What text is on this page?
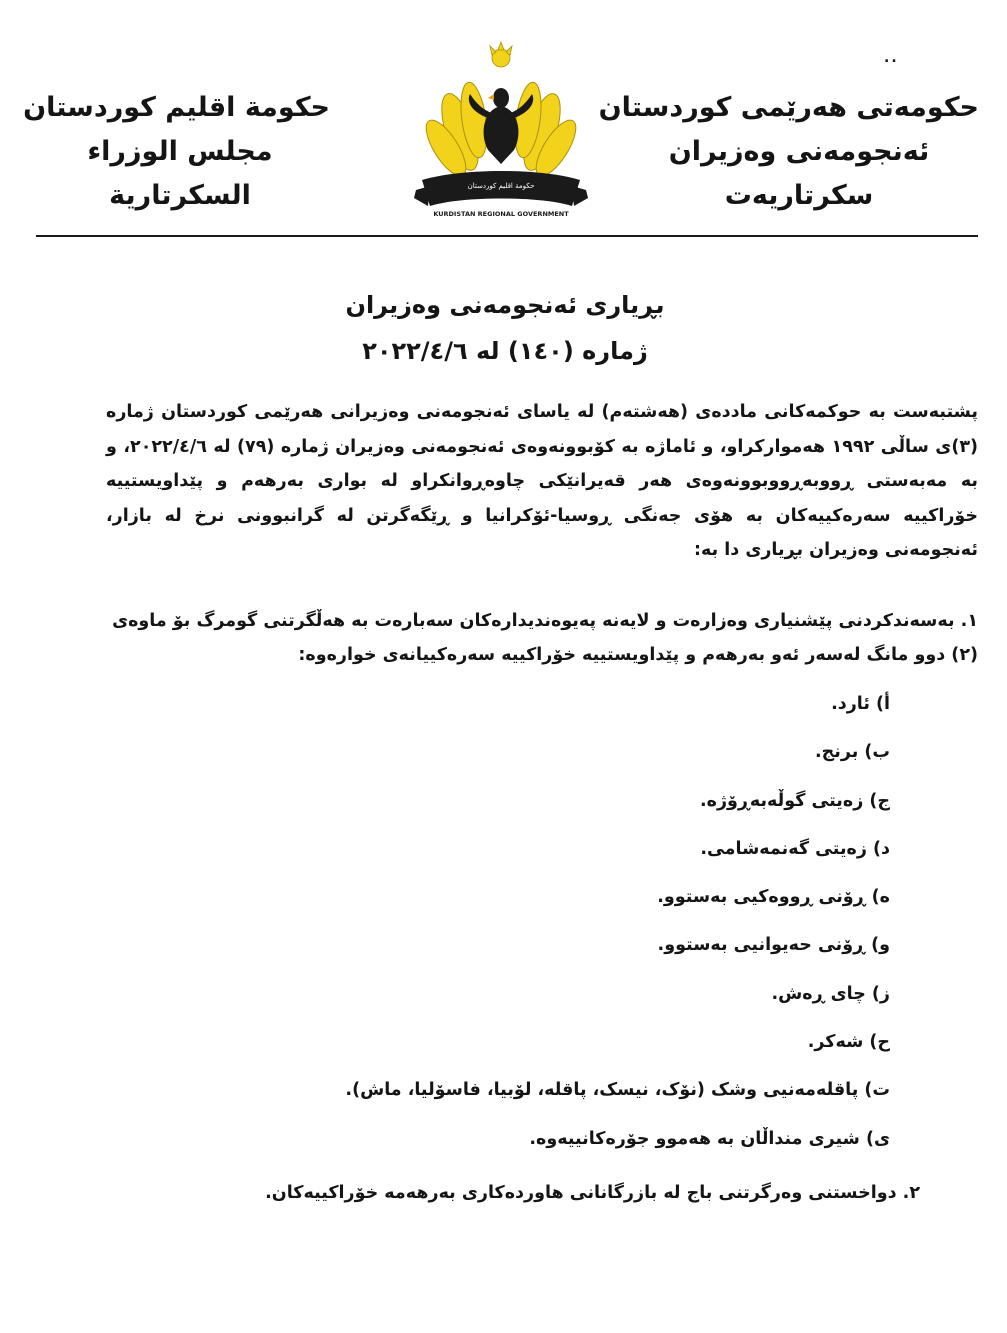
..
حکومەتی هەرێمی کوردستان
ئەنجومەنی وەزیران
سکرتاریەت
حكومة اقليم كوردستان
KURDISTAN REGIONAL GOVERNMENT
حكومة اقليم كوردستان
مجلس الوزراء
السكرتارية
بڕیاری ئەنجومەنی وەزیران
ژمارە (١٤٠) لە ٢٠٢٢/٤/٦

پشتبەست بە حوکمەکانی ماددەی (هەشتەم) لە یاسای ئەنجومەنی وەزیرانی هەرێمی کوردستان ژمارە (٣)ی ساڵی ١٩٩٢ هەموارکراو، و ئاماژە بە کۆبوونەوەی ئەنجومەنی وەزیران ژمارە (٧٩) لە ٢٠٢٢/٤/٦، و بە مەبەستی ڕووبەڕووبوونەوەی هەر قەیرانێکی چاوەڕوانکراو لە بواری بەرهەم و پێداویستییە خۆراکییە سەرەکییەکان بە هۆی جەنگی ڕوسیا-ئۆکرانیا و ڕێگەگرتن لە گرانبوونی نرخ لە بازار، ئەنجومەنی وەزیران بڕیاری دا بە:

١. بەسەندکردنی پێشنیاری وەزارەت و لایەنە پەیوەندیدارەکان سەبارەت بە هەڵگرتنی گومرگ بۆ ماوەی (٢) دوو مانگ لەسەر ئەو بەرهەم و پێداویستییە خۆراکییە سەرەکییانەی خوارەوە:

أ) ئارد.
ب) برنج.
ج) زەیتی گوڵەبەڕۆژە.
د) زەیتی گەنمەشامی.
ه) ڕۆنی ڕووەکیی بەستوو.
و) ڕۆنی حەیوانیی بەستوو.
ز) چای ڕەش.
ح) شەکر.
ت) پاقلەمەنیی وشک (نۆک، نیسک، پاقلە، لۆبیا، فاسۆلیا، ماش).
ی) شیری منداڵان بە هەموو جۆرەکانییەوە.

٢. دواخستنی وەرگرتنی باج لە بازرگانانی هاوردەکاری بەرهەمە خۆراکییەکان.
